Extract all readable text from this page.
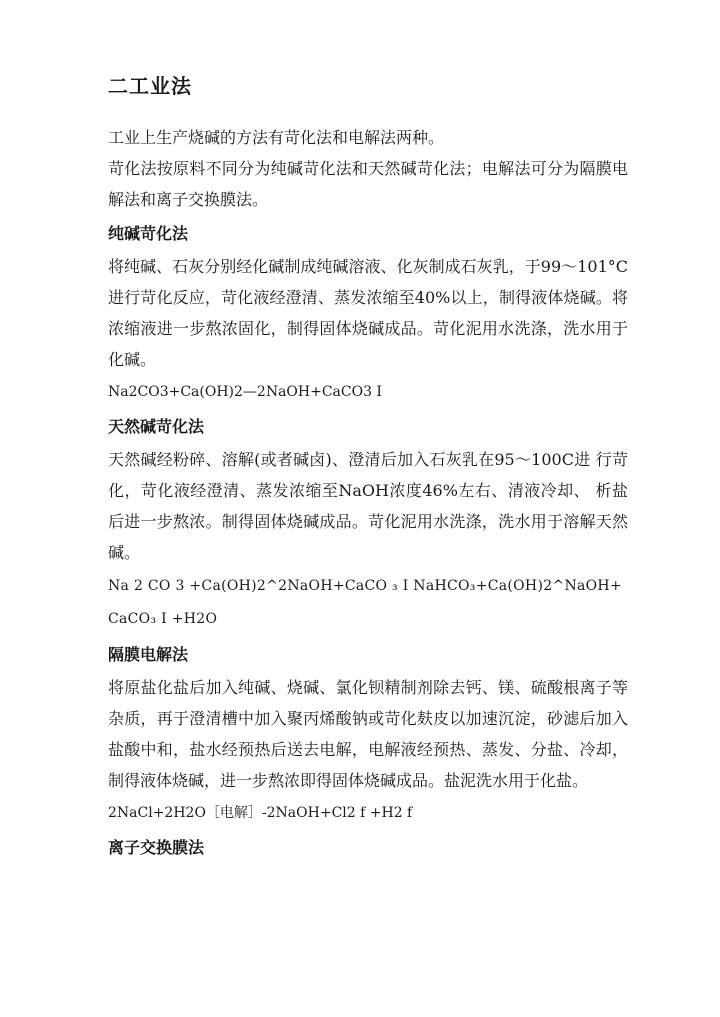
二工业法

工业上生产烧碱的方法有苛化法和电解法两种。

苛化法按原料不同分为纯碱苛化法和天然碱苛化法；电解法可分为隔膜电解法和离子交换膜法。

纯碱苛化法

将纯碱、石灰分别经化碱制成纯碱溶液、化灰制成石灰乳，于99～101°C进行苛化反应，苛化液经澄清、蒸发浓缩至40%以上，制得液体烧碱。将浓缩液进一步熬浓固化，制得固体烧碱成品。苛化泥用水洗涤，洗水用于化碱。

Na2CO3+Ca(OH)2—2NaOH+CaCO3 I
天然碱苛化法

天然碱经粉碎、溶解(或者碱卤)、澄清后加入石灰乳在95～100C进 行苛化，苛化液经澄清、蒸发浓缩至NaOH浓度46%左右、清液冷却、 析盐后进一步熬浓。制得固体烧碱成品。苛化泥用水洗涤，洗水用于溶解天然碱。

Na 2 CO 3 +Ca(OH)2^2NaOH+CaCO ₃ I NaHCO₃+Ca(OH)2^NaOH+CaCO₃ I +H2O
隔膜电解法

将原盐化盐后加入纯碱、烧碱、氯化钡精制剂除去钙、镁、硫酸根离子等杂质，再于澄清槽中加入聚丙烯酸钠或苛化麸皮以加速沉淀，砂滤后加入盐酸中和，盐水经预热后送去电解，电解液经预热、蒸发、分盐、冷却，制得液体烧碱，进一步熬浓即得固体烧碱成品。盐泥洗水用于化盐。

2NaCl+2H2O［电解］-2NaOH+Cl2 f +H2 f
离子交换膜法
